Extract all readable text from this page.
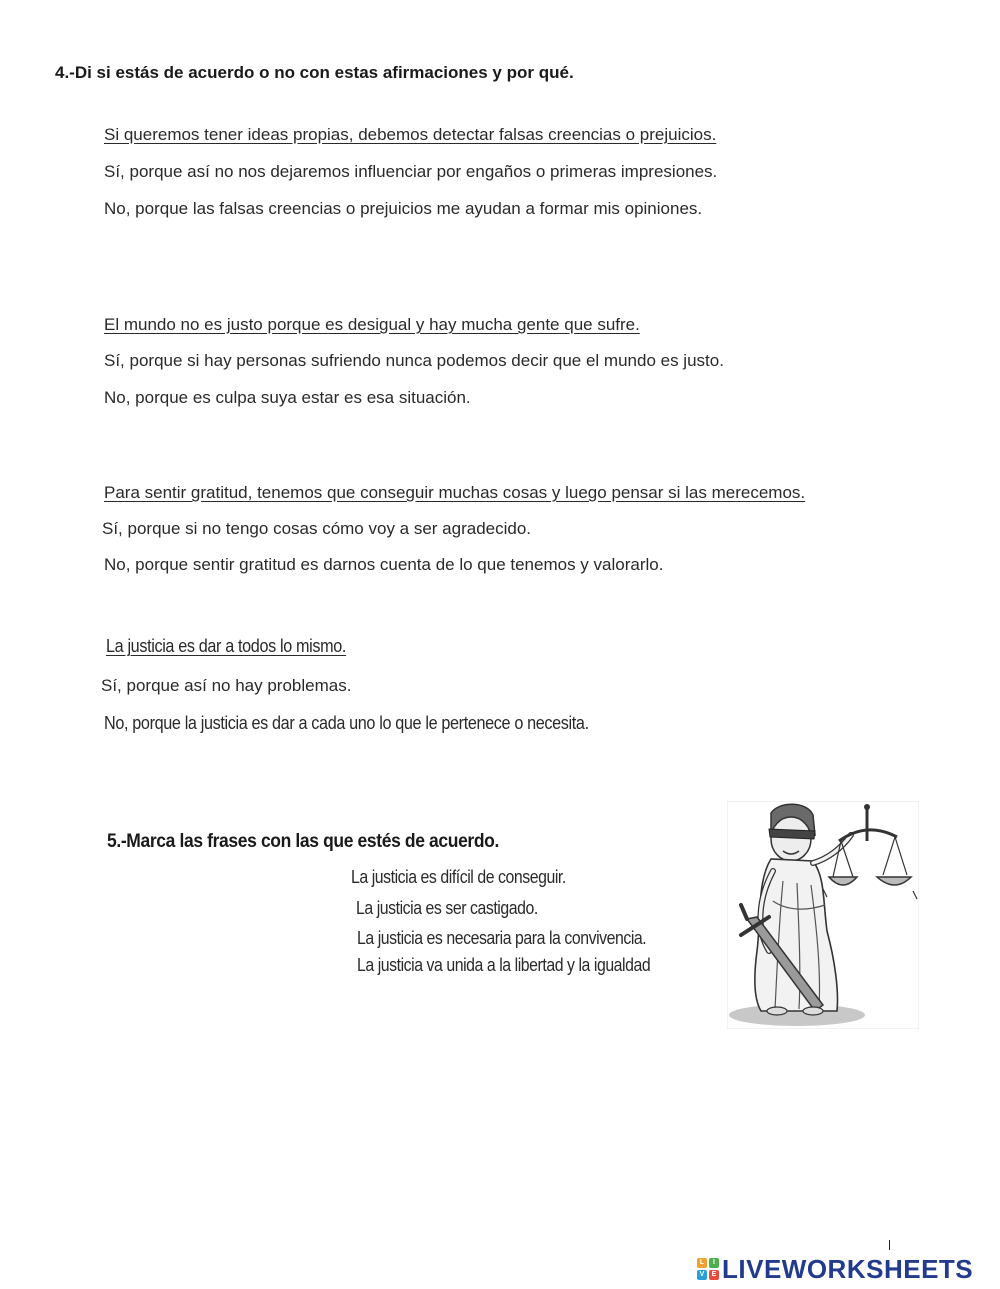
4.-Di si estás de acuerdo o no con estas afirmaciones y por qué.
Si queremos tener ideas propias, debemos detectar falsas creencias o prejuicios.
Sí, porque así no nos dejaremos influenciar por engaños o primeras impresiones.
No, porque las falsas creencias o prejuicios me ayudan a formar mis opiniones.
El mundo no es justo porque es desigual y hay mucha gente que sufre.
Sí, porque si hay personas sufriendo nunca podemos decir que el mundo es justo.
No, porque es culpa suya estar es esa situación.
Para sentir gratitud, tenemos que conseguir muchas cosas y luego pensar si las merecemos.
Sí, porque si no tengo cosas cómo voy a ser agradecido.
No, porque sentir gratitud es darnos cuenta de lo que tenemos y valorarlo.
La justicia es dar a todos lo mismo.
Sí, porque así no hay problemas.
No, porque la justicia es dar a cada uno lo que le pertenece o necesita.
5.-Marca las frases con las que estés de acuerdo.
La justicia es difícil de conseguir.
La justicia es ser castigado.
La justicia es necesaria para la convivencia.
La justicia va unida a la libertad y la igualdad
L	I
V	E LIVEWORKSHEETS
